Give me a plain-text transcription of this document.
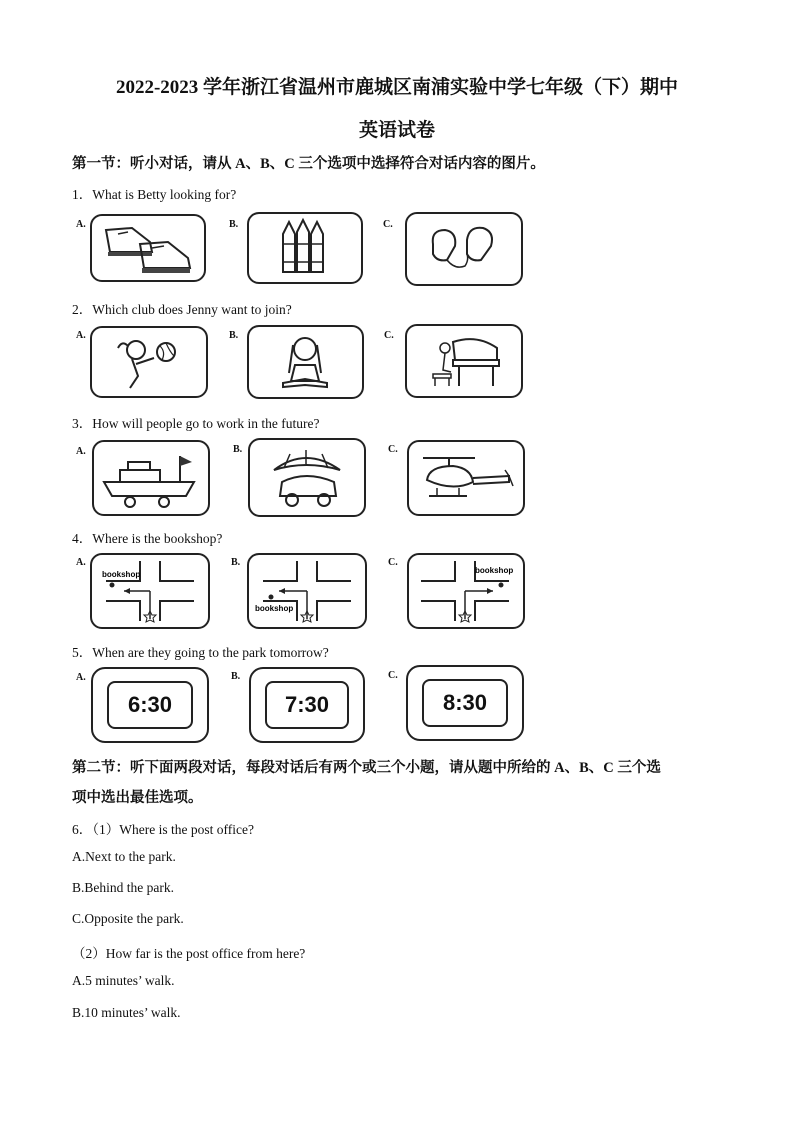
2022-2023 学年浙江省温州市鹿城区南浦实验中学七年级（下）期中
英语试卷
第一节：听小对话，请从 A、B、C 三个选项中选择符合对话内容的图片。
1．What is Betty looking for?
A.	B.	C.
2．Which club does Jenny want to join?
A.	B.	C.
3．How will people go to work in the future?
A.	B.	C.
4．Where is the bookshop?
A.
bookshop
B.
bookshop
C.
bookshop
5．When are they going to the park tomorrow?
A.
6:30
B.
7:30
C.
8:30
第二节：听下面两段对话，每段对话后有两个或三个小题，请从题中所给的 A、B、C 三个选
项中选出最佳选项。
6．（1）Where is the post office?
A.Next to the park.
B.Behind the park.
C.Opposite the park.
（2）How far is the post office from here?
A.5 minutes’ walk.
B.10 minutes’ walk.
